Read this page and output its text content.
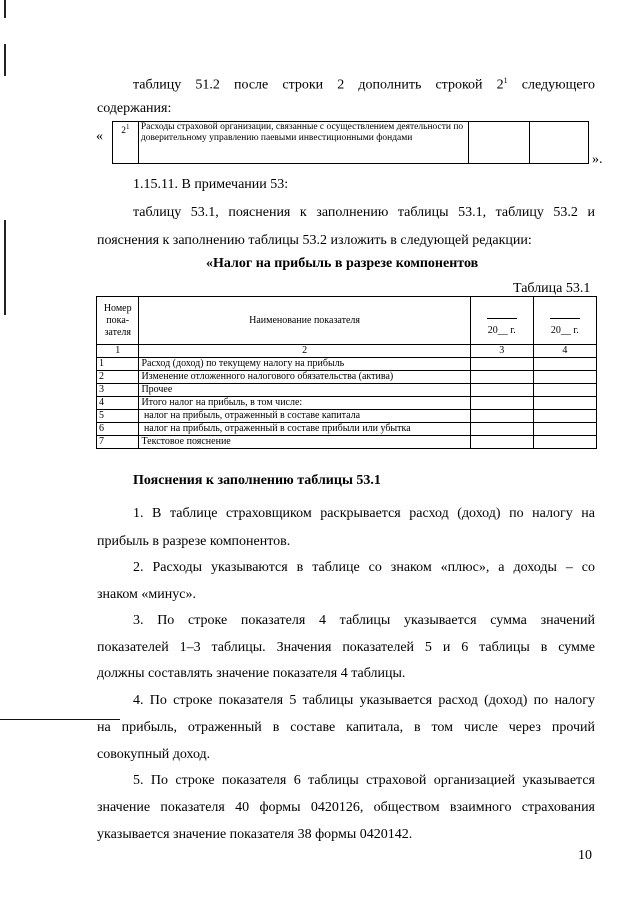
таблицу 51.2 после строки 2 дополнить строкой $2^1$ следующего
содержания:
« $2^1$	Расходы страховой организации, связанные с осуществлением деятельности по доверительному управлению паевыми инвестиционными фондами		
».
1.15.11. В примечании 53:
таблицу 53.1, пояснения к заполнению таблицы 53.1, таблицу 53.2 и
пояснения к заполнению таблицы 53.2 изложить в следующей редакции:
«Налог на прибыль в разрезе компонентов
Таблица 53.1
Номер пока-зателя	Наименование показателя	20__ г.	20__ г.
1	2	3	4
1	Расход (доход) по текущему налогу на прибыль		
2	Изменение отложенного налогового обязательства (актива)		
3	Прочее		
4	Итого налог на прибыль, в том числе:		
5	налог на прибыль, отраженный в составе капитала		
6	налог на прибыль, отраженный в составе прибыли или убытка		
7	Текстовое пояснение		
Пояснения к заполнению таблицы 53.1
1. В таблице страховщиком раскрывается расход (доход) по налогу на
прибыль в разрезе компонентов.
2. Расходы указываются в таблице со знаком «плюс», а доходы – со
знаком «минус».
3. По строке показателя 4 таблицы указывается сумма значений
показателей 1–3 таблицы. Значения показателей 5 и 6 таблицы в сумме
должны составлять значение показателя 4 таблицы.
4. По строке показателя 5 таблицы указывается расход (доход) по налогу
на прибыль, отраженный в составе капитала, в том числе через прочий
совокупный доход.
5. По строке показателя 6 таблицы страховой организацией указывается
значение показателя 40 формы 0420126, обществом взаимного страхования
указывается значение показателя 38 формы 0420142.
10
